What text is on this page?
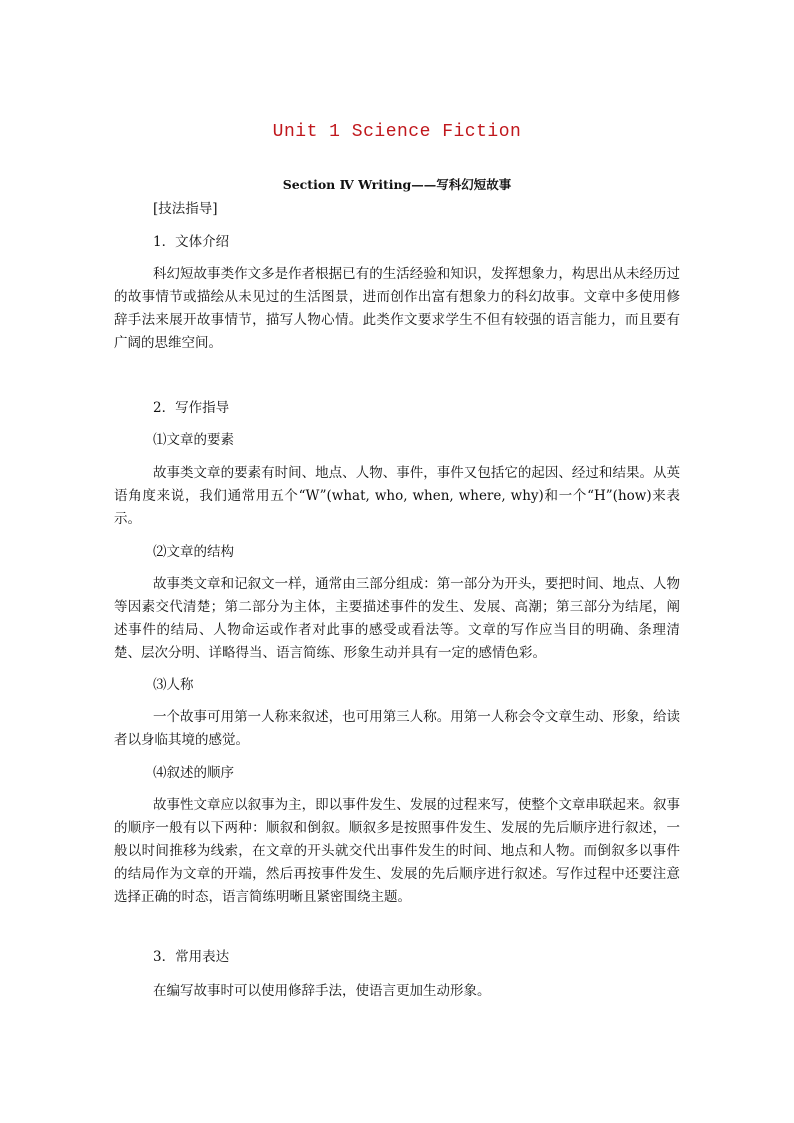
Unit 1 Science Fiction
Section Ⅳ Writing——写科幻短故事
[技法指导]
1．文体介绍
科幻短故事类作文多是作者根据已有的生活经验和知识，发挥想象力，构思出从未经历过的故事情节或描绘从未见过的生活图景，进而创作出富有想象力的科幻故事。文章中多使用修辞手法来展开故事情节，描写人物心情。此类作文要求学生不但有较强的语言能力，而且要有广阔的思维空间。
2．写作指导
⑴文章的要素
故事类文章的要素有时间、地点、人物、事件，事件又包括它的起因、经过和结果。从英语角度来说，我们通常用五个“W”(what, who, when, where, why)和一个“H”(how)来表示。
⑵文章的结构
故事类文章和记叙文一样，通常由三部分组成：第一部分为开头，要把时间、地点、人物等因素交代清楚；第二部分为主体，主要描述事件的发生、发展、高潮；第三部分为结尾，阐述事件的结局、人物命运或作者对此事的感受或看法等。文章的写作应当目的明确、条理清楚、层次分明、详略得当、语言简练、形象生动并具有一定的感情色彩。
⑶人称
一个故事可用第一人称来叙述，也可用第三人称。用第一人称会令文章生动、形象，给读者以身临其境的感觉。
⑷叙述的顺序
故事性文章应以叙事为主，即以事件发生、发展的过程来写，使整个文章串联起来。叙事的顺序一般有以下两种：顺叙和倒叙。顺叙多是按照事件发生、发展的先后顺序进行叙述，一般以时间推移为线索，在文章的开头就交代出事件发生的时间、地点和人物。而倒叙多以事件的结局作为文章的开端，然后再按事件发生、发展的先后顺序进行叙述。写作过程中还要注意选择正确的时态，语言简练明晰且紧密围绕主题。
3．常用表达
在编写故事时可以使用修辞手法，使语言更加生动形象。
